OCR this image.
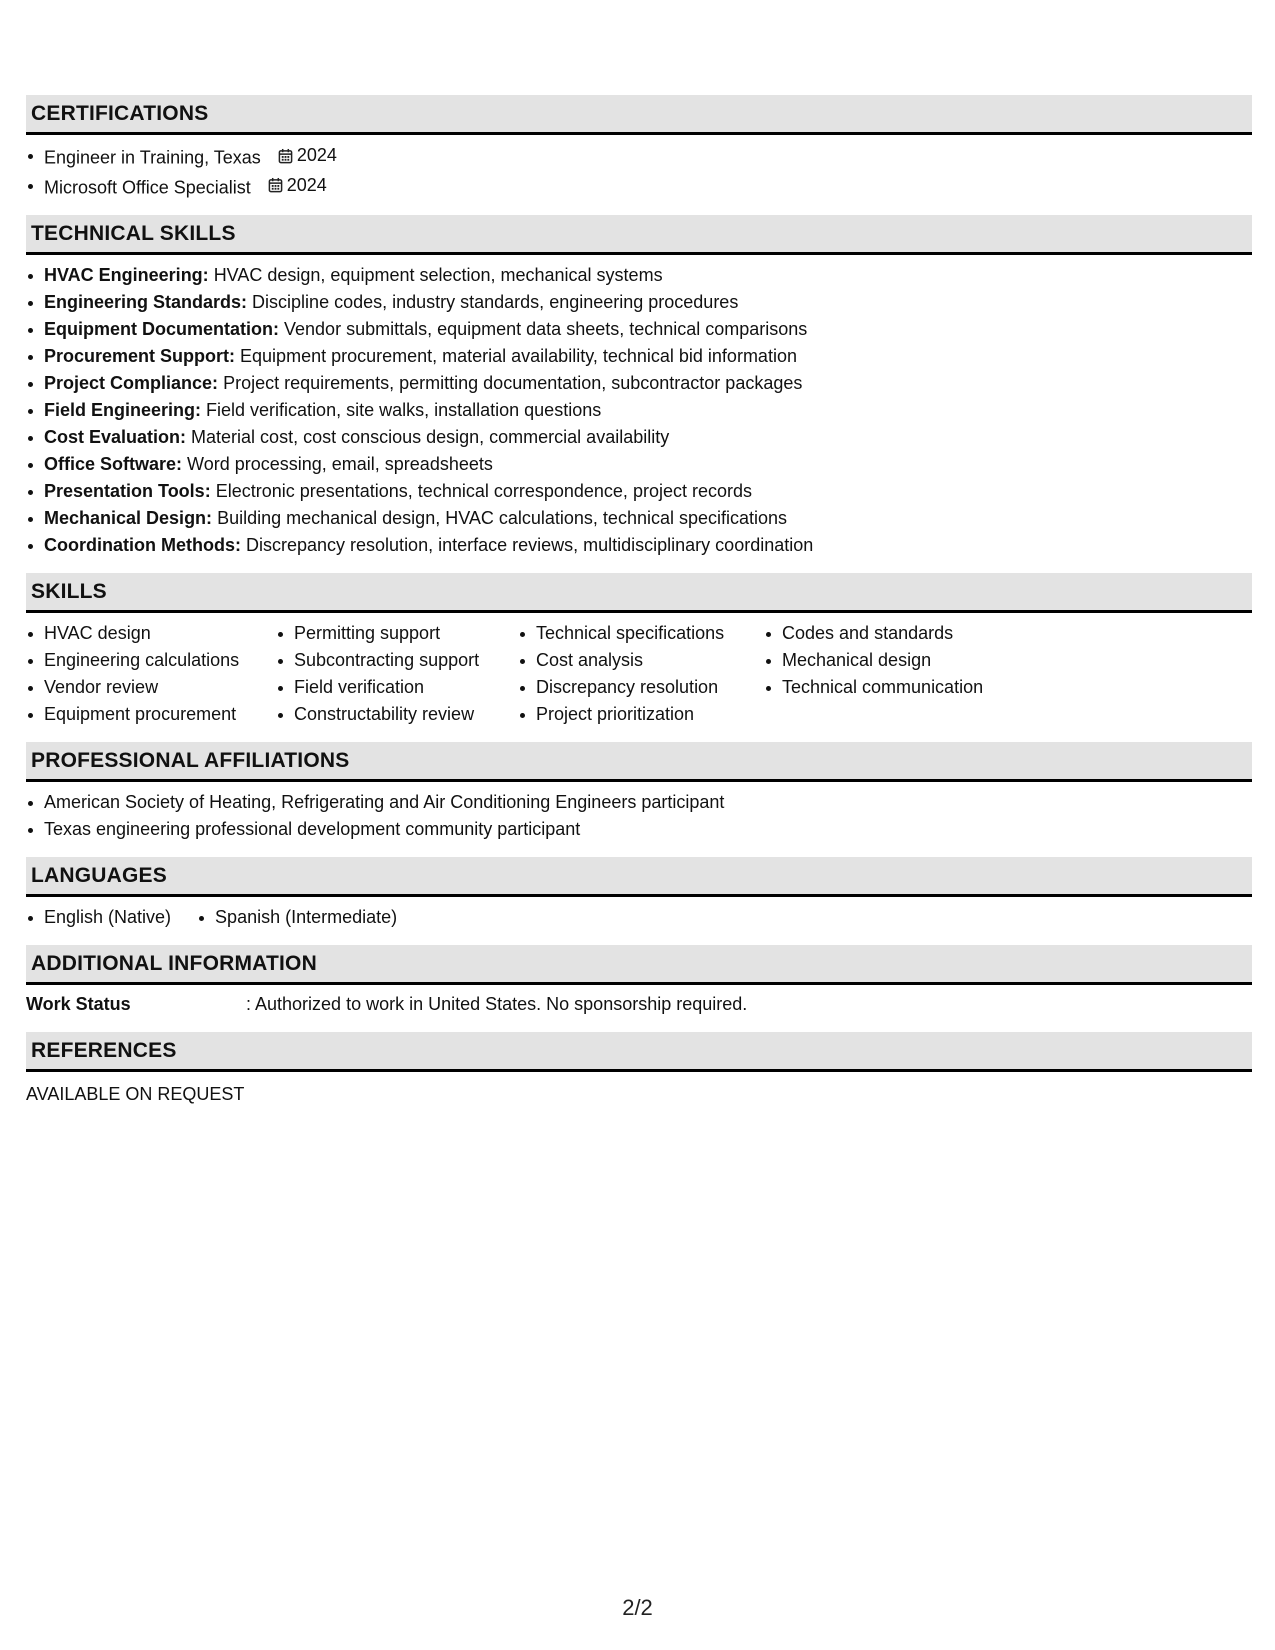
CERTIFICATIONS
Engineer in Training, Texas 2024
Microsoft Office Specialist 2024
TECHNICAL SKILLS
HVAC Engineering: HVAC design, equipment selection, mechanical systems
Engineering Standards: Discipline codes, industry standards, engineering procedures
Equipment Documentation: Vendor submittals, equipment data sheets, technical comparisons
Procurement Support: Equipment procurement, material availability, technical bid information
Project Compliance: Project requirements, permitting documentation, subcontractor packages
Field Engineering: Field verification, site walks, installation questions
Cost Evaluation: Material cost, cost conscious design, commercial availability
Office Software: Word processing, email, spreadsheets
Presentation Tools: Electronic presentations, technical correspondence, project records
Mechanical Design: Building mechanical design, HVAC calculations, technical specifications
Coordination Methods: Discrepancy resolution, interface reviews, multidisciplinary coordination
SKILLS
HVAC design
Engineering calculations
Vendor review
Equipment procurement
Permitting support
Subcontracting support
Field verification
Constructability review
Technical specifications
Cost analysis
Discrepancy resolution
Project prioritization
Codes and standards
Mechanical design
Technical communication
PROFESSIONAL AFFILIATIONS
American Society of Heating, Refrigerating and Air Conditioning Engineers participant
Texas engineering professional development community participant
LANGUAGES
English (Native)	Spanish (Intermediate)
ADDITIONAL INFORMATION
Work Status	: Authorized to work in United States. No sponsorship required.
REFERENCES
AVAILABLE ON REQUEST
2/2
